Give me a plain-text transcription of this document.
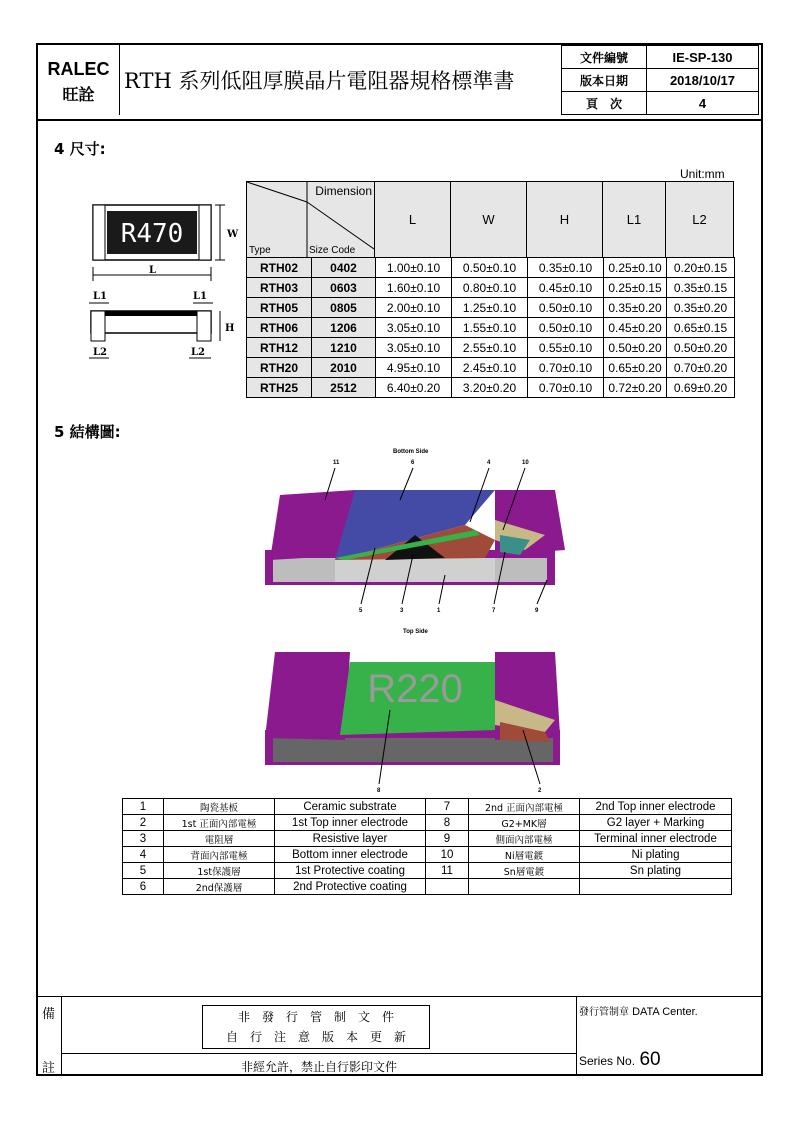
RALEC
旺詮
RTH 系列低阻厚膜晶片電阻器規格標準書
文件編號	IE-SP-130
版本日期	2018/10/17
頁　次	4
4 尺寸:
Unit:mm
R470	W
L
L1	L1
H
L2	L2
Dimension
Type	Size Code
	L	W	H	L1	L2
RTH02	0402	1.00±0.10	0.50±0.10	0.35±0.10	0.25±0.10	0.20±0.15
RTH03	0603	1.60±0.10	0.80±0.10	0.45±0.10	0.25±0.15	0.35±0.15
RTH05	0805	2.00±0.10	1.25±0.10	0.50±0.10	0.35±0.20	0.35±0.20
RTH06	1206	3.05±0.10	1.55±0.10	0.50±0.10	0.45±0.20	0.65±0.15
RTH12	1210	3.05±0.10	2.55±0.10	0.55±0.10	0.50±0.20	0.50±0.20
RTH20	2010	4.95±0.10	2.45±0.10	0.70±0.10	0.65±0.20	0.70±0.20
RTH25	2512	6.40±0.20	3.20±0.20	0.70±0.10	0.72±0.20	0.69±0.20
5 結構圖:
Bottom Side
11	6	4	10
5	3	1	7	9
Top Side
R220
8	2
1	陶瓷基板	Ceramic substrate	7	2nd 正面內部電極	2nd Top inner electrode
2	1st 正面內部電極	1st Top inner electrode	8	G2+MK層	G2 layer + Marking
3	電阻層	Resistive layer	9	側面內部電極	Terminal inner electrode
4	背面內部電極	Bottom inner electrode	10	Ni層電鍍	Ni plating
5	1st保護層	1st Protective coating	11	Sn層電鍍	Sn plating
6	2nd保護層	2nd Protective coating			
備
註
非　發　行　管　制　文　件
自　行　注　意　版　本　更　新
非經允許，禁止自行影印文件
發行管制章 DATA Center.
Series No. 60
